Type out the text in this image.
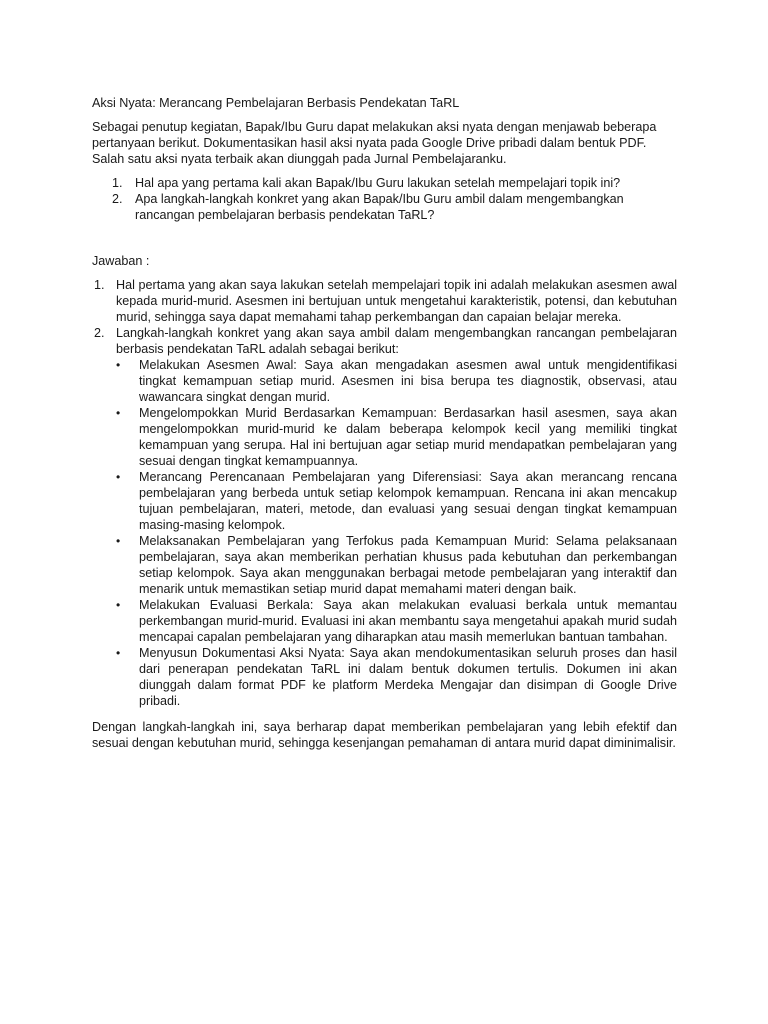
Aksi Nyata: Merancang Pembelajaran Berbasis Pendekatan TaRL

Sebagai penutup kegiatan, Bapak/Ibu Guru dapat melakukan aksi nyata dengan menjawab beberapa pertanyaan berikut. Dokumentasikan hasil aksi nyata pada Google Drive pribadi dalam bentuk PDF. Salah satu aksi nyata terbaik akan diunggah pada Jurnal Pembelajaranku.

1. Hal apa yang pertama kali akan Bapak/Ibu Guru lakukan setelah mempelajari topik ini?
2. Apa langkah-langkah konkret yang akan Bapak/Ibu Guru ambil dalam mengembangkan rancangan pembelajaran berbasis pendekatan TaRL?

Jawaban :

1. Hal pertama yang akan saya lakukan setelah mempelajari topik ini adalah melakukan asesmen awal kepada murid-murid. Asesmen ini bertujuan untuk mengetahui karakteristik, potensi, dan kebutuhan murid, sehingga saya dapat memahami tahap perkembangan dan capaian belajar mereka.

2. Langkah-langkah konkret yang akan saya ambil dalam mengembangkan rancangan pembelajaran berbasis pendekatan TaRL adalah sebagai berikut:

• Melakukan Asesmen Awal: Saya akan mengadakan asesmen awal untuk mengidentifikasi tingkat kemampuan setiap murid. Asesmen ini bisa berupa tes diagnostik, observasi, atau wawancara singkat dengan murid.

• Mengelompokkan Murid Berdasarkan Kemampuan: Berdasarkan hasil asesmen, saya akan mengelompokkan murid-murid ke dalam beberapa kelompok kecil yang memiliki tingkat kemampuan yang serupa. Hal ini bertujuan agar setiap murid mendapatkan pembelajaran yang sesuai dengan tingkat kemampuannya.

• Merancang Perencanaan Pembelajaran yang Diferensiasi: Saya akan merancang rencana pembelajaran yang berbeda untuk setiap kelompok kemampuan. Rencana ini akan mencakup tujuan pembelajaran, materi, metode, dan evaluasi yang sesuai dengan tingkat kemampuan masing-masing kelompok.

• Melaksanakan Pembelajaran yang Terfokus pada Kemampuan Murid: Selama pelaksanaan pembelajaran, saya akan memberikan perhatian khusus pada kebutuhan dan perkembangan setiap kelompok. Saya akan menggunakan berbagai metode pembelajaran yang interaktif dan menarik untuk memastikan setiap murid dapat memahami materi dengan baik.

• Melakukan Evaluasi Berkala: Saya akan melakukan evaluasi berkala untuk memantau perkembangan murid-murid. Evaluasi ini akan membantu saya mengetahui apakah murid sudah mencapai capalan pembelajaran yang diharapkan atau masih memerlukan bantuan tambahan.

• Menyusun Dokumentasi Aksi Nyata: Saya akan mendokumentasikan seluruh proses dan hasil dari penerapan pendekatan TaRL ini dalam bentuk dokumen tertulis. Dokumen ini akan diunggah dalam format PDF ke platform Merdeka Mengajar dan disimpan di Google Drive pribadi.

Dengan langkah-langkah ini, saya berharap dapat memberikan pembelajaran yang lebih efektif dan sesuai dengan kebutuhan murid, sehingga kesenjangan pemahaman di antara murid dapat diminimalisir.
